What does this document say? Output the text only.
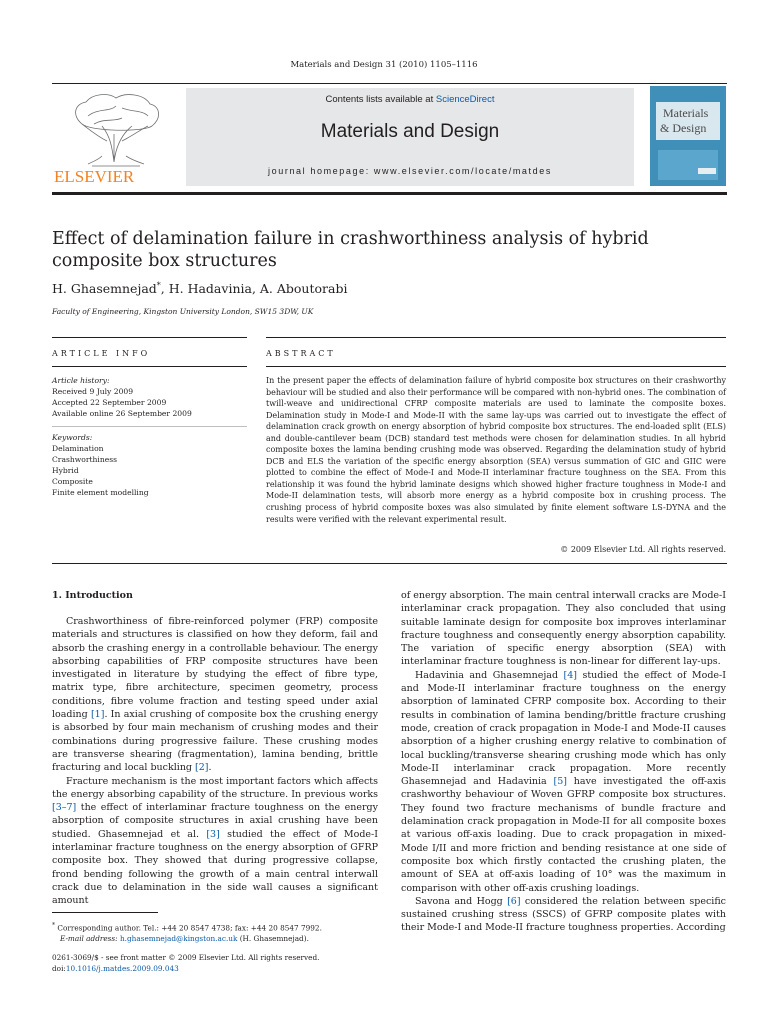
Materials and Design 31 (2010) 1105–1116
ELSEVIER
Contents lists available at ScienceDirect
Materials and Design
journal homepage: www.elsevier.com/locate/matdes
Materials
& Design
Effect of delamination failure in crashworthiness analysis of hybrid composite box structures
H. Ghasemnejad*, H. Hadavinia, A. Aboutorabi
Faculty of Engineering, Kingston University London, SW15 3DW, UK
ARTICLE INFO	ABSTRACT
Article history:
Received 9 July 2009
Accepted 22 September 2009
Available online 26 September 2009
Keywords:
Delamination
Crashworthiness
Hybrid
Composite
Finite element modelling
In the present paper the effects of delamination failure of hybrid composite box structures on their crashworthy behaviour will be studied and also their performance will be compared with non-hybrid ones. The combination of twill-weave and unidirectional CFRP composite materials are used to laminate the composite boxes. Delamination study in Mode-I and Mode-II with the same lay-ups was carried out to investigate the effect of delamination crack growth on energy absorption of hybrid composite box structures. The end-loaded split (ELS) and double-cantilever beam (DCB) standard test methods were chosen for delamination studies. In all hybrid composite boxes the lamina bending crushing mode was observed. Regarding the delamination study of hybrid DCB and ELS the variation of the specific energy absorption (SEA) versus summation of GIC and GIIC were plotted to combine the effect of Mode-I and Mode-II interlaminar fracture toughness on the SEA. From this relationship it was found the hybrid laminate designs which showed higher fracture toughness in Mode-I and Mode-II delamination tests, will absorb more energy as a hybrid composite box in crushing process. The crushing process of hybrid composite boxes was also simulated by finite element software LS-DYNA and the results were verified with the relevant experimental result.
© 2009 Elsevier Ltd. All rights reserved.
1. Introduction

Crashworthiness of fibre-reinforced polymer (FRP) composite materials and structures is classified on how they deform, fail and absorb the crashing energy in a controllable behaviour. The energy absorbing capabilities of FRP composite structures have been investigated in literature by studying the effect of fibre type, matrix type, fibre architecture, specimen geometry, process conditions, fibre volume fraction and testing speed under axial loading [1]. In axial crushing of composite box the crushing energy is absorbed by four main mechanism of crushing modes and their combinations during progressive failure. These crushing modes are transverse shearing (fragmentation), lamina bending, brittle fracturing and local buckling [2].

Fracture mechanism is the most important factors which affects the energy absorbing capability of the structure. In previous works [3–7] the effect of interlaminar fracture toughness on the energy absorption of composite structures in axial crushing have been studied. Ghasemnejad et al. [3] studied the effect of Mode-I interlaminar fracture toughness on the energy absorption of GFRP composite box. They showed that during progressive collapse, frond bending following the growth of a main central interwall crack due to delamination in the side wall causes a significant amount

of energy absorption. The main central interwall cracks are Mode-I interlaminar crack propagation. They also concluded that using suitable laminate design for composite box improves interlaminar fracture toughness and consequently energy absorption capability. The variation of specific energy absorption (SEA) with interlaminar fracture toughness is non-linear for different lay-ups.

Hadavinia and Ghasemnejad [4] studied the effect of Mode-I and Mode-II interlaminar fracture toughness on the energy absorption of laminated CFRP composite box. According to their results in combination of lamina bending/brittle fracture crushing mode, creation of crack propagation in Mode-I and Mode-II causes absorption of a higher crushing energy relative to combination of local buckling/transverse shearing crushing mode which has only Mode-II interlaminar crack propagation. More recently Ghasemnejad and Hadavinia [5] have investigated the off-axis crashworthy behaviour of Woven GFRP composite box structures. They found two fracture mechanisms of bundle fracture and delamination crack propagation in Mode-II for all composite boxes at various off-axis loading. Due to crack propagation in mixed-Mode I/II and more friction and bending resistance at one side of composite box which firstly contacted the crushing platen, the amount of SEA at off-axis loading of 10° was the maximum in comparison with other off-axis crushing loadings.

Savona and Hogg [6] considered the relation between specific sustained crushing stress (SSCS) of GFRP composite plates with their Mode-I and Mode-II fracture toughness properties. According

* Corresponding author. Tel.: +44 20 8547 4738; fax: +44 20 8547 7992.
E-mail address: h.ghasemnejad@kingston.ac.uk (H. Ghasemnejad).
0261-3069/$ - see front matter © 2009 Elsevier Ltd. All rights reserved.
doi:10.1016/j.matdes.2009.09.043
